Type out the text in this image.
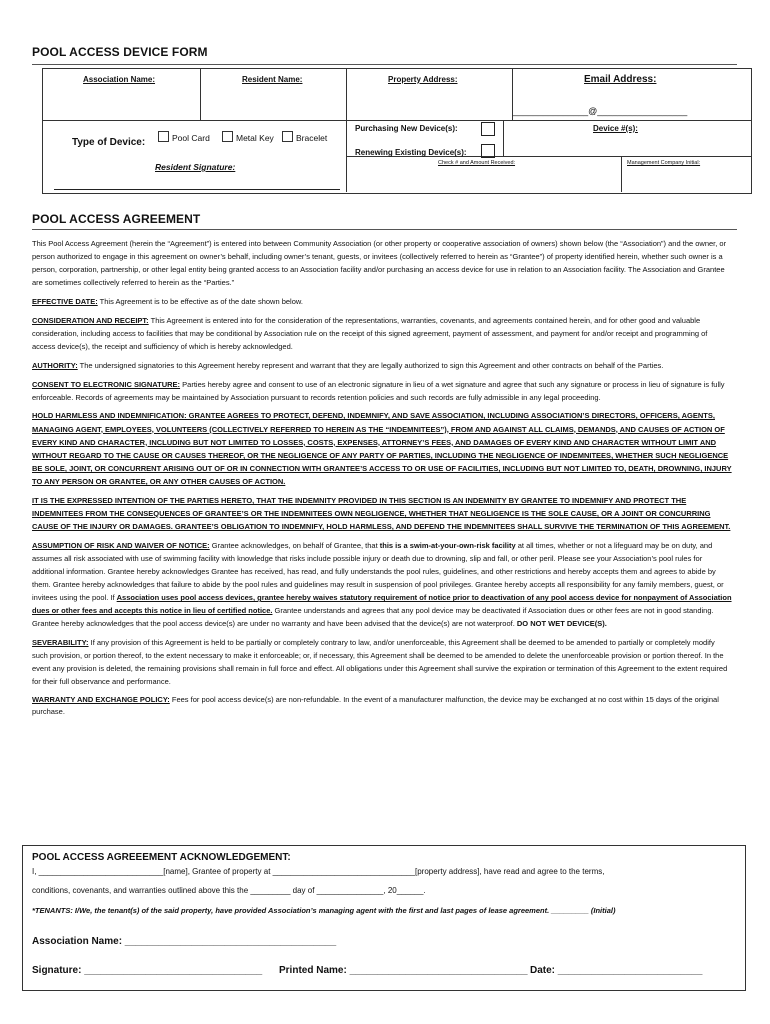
POOL ACCESS DEVICE FORM
Association Name:	Resident Name:	Property Address:	Email Address:
_______________@__________________
Type of Device:	Pool Card	Metal Key	Bracelet
Purchasing New Device(s):
Renewing Existing Device(s):
Device #(s):
Resident Signature:	Check # and Amount Received:	Management Company Initial:
POOL ACCESS AGREEMENT

This Pool Access Agreement (herein the “Agreement”) is entered into between Community Association (or other property or cooperative association of owners) shown below (the “Association”) and the owner, or person authorized to engage in this agreement on owner’s behalf, including owner’s tenant, guests, or invitees (collectively referred to herein as “Grantee”) of property identified herein, whether such owner is a person, corporation, partnership, or other legal entity being granted access to an Association facility and/or purchasing an access device for use in relation to an Association facility. The Association and Grantee are sometimes collectively referred to herein as the “Parties.”

EFFECTIVE DATE: This Agreement is to be effective as of the date shown below.

CONSIDERATION AND RECEIPT: This Agreement is entered into for the consideration of the representations, warranties, covenants, and agreements contained herein, and for other good and valuable consideration, including access to facilities that may be conditional by Association rule on the receipt of this signed agreement, payment of assessment, and payment for and/or receipt and programming of access device(s), the receipt and sufficiency of which is hereby acknowledged.

AUTHORITY: The undersigned signatories to this Agreement hereby represent and warrant that they are legally authorized to sign this Agreement and other contracts on behalf of the Parties.

CONSENT TO ELECTRONIC SIGNATURE: Parties hereby agree and consent to use of an electronic signature in lieu of a wet signature and agree that such any signature or process in lieu of signature is fully enforceable. Records of agreements may be maintained by Association pursuant to records retention policies and such records are fully admissible in any legal proceeding.

HOLD HARMLESS AND INDEMNIFICATION: GRANTEE AGREES TO PROTECT, DEFEND, INDEMNIFY, AND SAVE ASSOCIATION, INCLUDING ASSOCIATION’S DIRECTORS, OFFICERS, AGENTS, MANAGING AGENT, EMPLOYEES, VOLUNTEERS (COLLECTIVELY REFERRED TO HEREIN AS THE “INDEMNITEES”), FROM AND AGAINST ALL CLAIMS, DEMANDS, AND CAUSES OF ACTION OF EVERY KIND AND CHARACTER, INCLUDING BUT NOT LIMITED TO LOSSES, COSTS, EXPENSES, ATTORNEY’S FEES, AND DAMAGES OF EVERY KIND AND CHARACTER WITHOUT LIMIT AND WITHOUT REGARD TO THE CAUSE OR CAUSES THEREOF, OR THE NEGLIGENCE OF ANY PARTY OF PARTIES, INCLUDING THE NEGLIGENCE OF INDEMNITEES, WHETHER SUCH NEGLIGENCE BE SOLE, JOINT, OR CONCURRENT ARISING OUT OF OR IN CONNECTION WITH GRANTEE’S ACCESS TO OR USE OF FACILITIES, INCLUDING BUT NOT LIMITED TO, DEATH, DROWNING, INJURY TO ANY PERSON OR GRANTEE, OR ANY OTHER CAUSES OF ACTION.

IT IS THE EXPRESSED INTENTION OF THE PARTIES HERETO, THAT THE INDEMNITY PROVIDED IN THIS SECTION IS AN INDEMNITY BY GRANTEE TO INDEMNIFY AND PROTECT THE INDEMNITEES FROM THE CONSEQUENCES OF GRANTEE’S OR THE INDEMNITEES OWN NEGLIGENCE, WHETHER THAT NEGLIGENCE IS THE SOLE CAUSE, OR A JOINT OR CONCURRING CAUSE OF THE INJURY OR DAMAGES. GRANTEE’S OBLIGATION TO INDEMNIFY, HOLD HARMLESS, AND DEFEND THE INDEMNITEES SHALL SURVIVE THE TERMINATION OF THIS AGREEMENT.

ASSUMPTION OF RISK AND WAIVER OF NOTICE: Grantee acknowledges, on behalf of Grantee, that this is a swim-at-your-own-risk facility at all times, whether or not a lifeguard may be on duty, and assumes all risk associated with use of swimming facility with knowledge that risks include possible injury or death due to drowning, slip and fall, or other peril. Please see your Association’s pool rules for additional information. Grantee hereby acknowledges Grantee has received, has read, and fully understands the pool rules, guidelines, and other restrictions and hereby accepts them and agrees to abide by them. Grantee hereby acknowledges that failure to abide by the pool rules and guidelines may result in suspension of pool privileges. Grantee hereby accepts all responsibility for any family members, guest, or invitees using the pool. If Association uses pool access devices, grantee hereby waives statutory requirement of notice prior to deactivation of any pool access device for nonpayment of Association dues or other fees and accepts this notice in lieu of certified notice. Grantee understands and agrees that any pool device may be deactivated if Association dues or other fees are not in good standing. Grantee hereby acknowledges that the pool access device(s) are under no warranty and have been advised that the device(s) are not waterproof. DO NOT WET DEVICE(S).

SEVERABILITY: If any provision of this Agreement is held to be partially or completely contrary to law, and/or unenforceable, this Agreement shall be deemed to be amended to partially or completely modify such provision, or portion thereof, to the extent necessary to make it enforceable; or, if necessary, this Agreement shall be deemed to be amended to delete the unenforceable provision or portion thereof. In the event any provision is deleted, the remaining provisions shall remain in full force and effect. All obligations under this Agreement shall survive the expiration or termination of this Agreement to the extent required for their full observance and performance.

WARRANTY AND EXCHANGE POLICY: Fees for pool access device(s) are non-refundable. In the event of a manufacturer malfunction, the device may be exchanged at no cost within 15 days of the original purchase.

POOL ACCESS AGREEEMENT ACKNOWLEDGEMENT:
I, ____________________________[name], Grantee of property at ________________________________[property address], have read and agree to the terms,
conditions, covenants, and warranties outlined above this the _________ day of _______________, 20______.
*TENANTS: I/We, the tenant(s) of the said property, have provided Association’s managing agent with the first and last pages of lease agreement. _________ (Initial)
Association Name: ______________________________________
Signature: ________________________________ Printed Name: ________________________________ Date: __________________________
